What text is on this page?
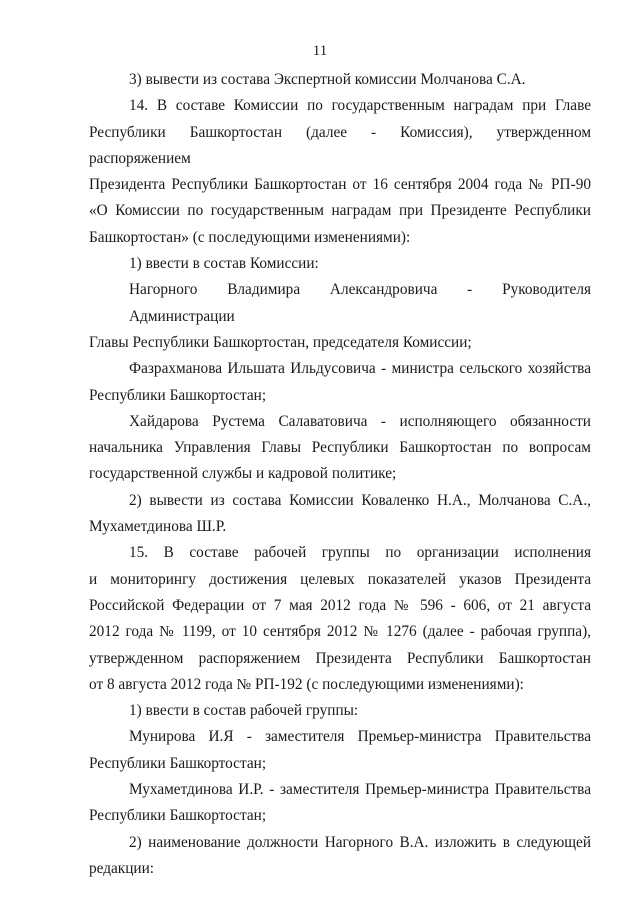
11
3) вывести из состава Экспертной комиссии Молчанова С.А.
14. В составе Комиссии по государственным наградам при Главе
Республики Башкортостан (далее - Комиссия), утвержденном распоряжением
Президента Республики Башкортостан от 16 сентября 2004 года № РП-90
«О Комиссии по государственным наградам при Президенте Республики
Башкортостан» (с последующими изменениями):
1) ввести в состав Комиссии:
Нагорного Владимира Александровича - Руководителя Администрации
Главы Республики Башкортостан, председателя Комиссии;
Фазрахманова Ильшата Ильдусовича - министра сельского хозяйства
Республики Башкортостан;
Хайдарова Рустема Салаватовича - исполняющего обязанности
начальника Управления Главы Республики Башкортостан по вопросам
государственной службы и кадровой политике;
2) вывести из состава Комиссии Коваленко Н.А., Молчанова С.А.,
Мухаметдинова Ш.Р.
15. В составе рабочей группы по организации исполнения
и мониторингу достижения целевых показателей указов Президента
Российской Федерации от 7 мая 2012 года № 596 - 606, от 21 августа
2012 года № 1199, от 10 сентября 2012 № 1276 (далее - рабочая группа),
утвержденном распоряжением Президента Республики Башкортостан
от 8 августа 2012 года № РП-192 (с последующими изменениями):
1) ввести в состав рабочей группы:
Мунирова И.Я - заместителя Премьер-министра Правительства
Республики Башкортостан;
Мухаметдинова И.Р. - заместителя Премьер-министра Правительства
Республики Башкортостан;
2) наименование должности Нагорного В.А. изложить в следующей
редакции:
